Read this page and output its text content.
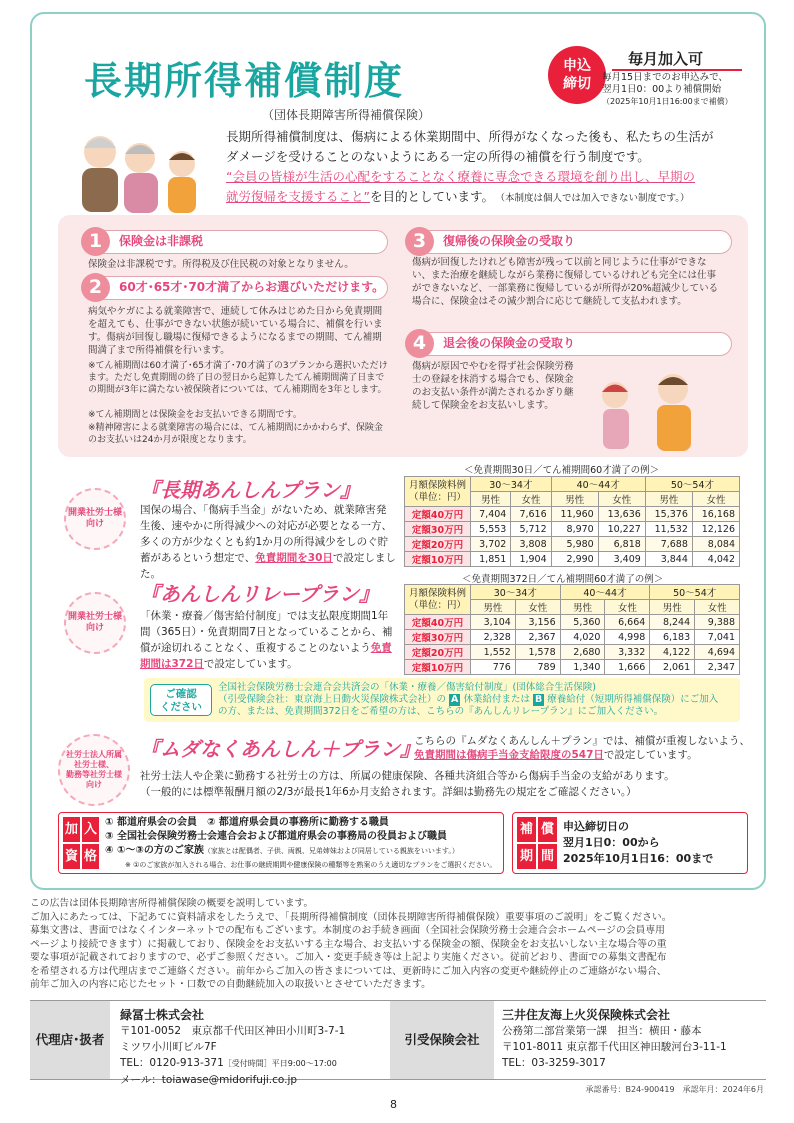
長期所得補償制度
（団体長期障害所得補償保険）
申込
締切
毎月加入可
毎月15日までのお申込みで、
翌月1日0：00より補償開始
（2025年10月1日16:00まで補償）
長期所得補償制度は、傷病による休業期間中、所得がなくなった後も、私たちの生活が
ダメージを受けることのないようにある一定の所得の補償を行う制度です。
“会員の皆様が生活の心配をすることなく療養に専念できる環境を創り出し、早期の
就労復帰を支援すること”を目的としています。　 （本制度は個人では加入できない制度です。）
1	保険金は非課税
保険金は非課税です。所得税及び住民税の対象となりません。
2	60才･65才･70才満了からお選びいただけます。
病気やケガによる就業障害で、連続して休みはじめた日から免責期間を超えても、仕事ができない状態が続いている場合に、補償を行います。傷病が回復し職場に復帰できるようになるまでの期間、てん補期間満了まで所得補償を行います。
※てん補期間は60才満了･65才満了･70才満了の3プランから選択いただけます。ただし免責期間の終了日の翌日から起算したてん補期間満了日までの期間が3年に満たない被保険者については、てん補期間を3年とします。
※てん補期間とは保険金をお支払いできる期間です。
※精神障害による就業障害の場合には、てん補期間にかかわらず、保険金のお支払いは24か月が限度となります。
3	復帰後の保険金の受取り
傷病が回復したけれども障害が残って以前と同じように仕事ができない、また治療を継続しながら業務に復帰しているけれども完全には仕事ができないなど、一部業務に復帰しているが所得が20%超減少している場合に、保険金はその減少割合に応じて継続して支払われます。
4	退会後の保険金の受取り
傷病が原因でやむを得ず社会保険労務士の登録を抹消する場合でも、保険金のお支払い条件が満たされるかぎり継続して保険金をお支払いします。
開業社労士様
向け
『長期あんしんプラン』
国保の場合、「傷病手当金」がないため、就業障害発生後、速やかに所得減少への対応が必要となる一方、多くの方が少なくとも約1か月の所得減少をしのぐ貯蓄があるという想定で、免責期間を30日で設定しました。
＜免責期間30日／てん補期間60才満了の例＞
月額保険料例
（単位：円）	30～34才		40～44才		50～54才	
	男性	女性	男性	女性	男性	女性
定額40万円	7,404	7,616	11,960	13,636	15,376	16,168
定額30万円	5,553	5,712	8,970	10,227	11,532	12,126
定額20万円	3,702	3,808	5,980	6,818	7,688	8,084
定額10万円	1,851	1,904	2,990	3,409	3,844	4,042
開業社労士様
向け
『あんしんリレープラン』
「休業・療養／傷害給付制度」では支払限度期間1年間（365日）・免責期間7日となっていることから、補償が途切れることなく、重複することのないよう免責期間は372日で設定しています。
＜免責期間372日／てん補期間60才満了の例＞
月額保険料例
（単位：円）	30～34才		40～44才		50～54才	
	男性	女性	男性	女性	男性	女性
定額40万円	3,104	3,156	5,360	6,664	8,244	9,388
定額30万円	2,328	2,367	4,020	4,998	6,183	7,041
定額20万円	1,552	1,578	2,680	3,332	4,122	4,694
定額10万円	776	789	1,340	1,666	2,061	2,347
ご確認
ください
全国社会保険労務士会連合会共済会の「休業・療養／傷害給付制度」(団体総合生活保険)
（引受保険会社：東京海上日動火災保険株式会社）の A 休業給付または B 療養給付（短期所得補償保険）にご加入
の方、または、免責期間372日をご希望の方は、こちらの『あんしんリレープラン』にご加入ください。
社労士法人所属
社労士様、
勤務等社労士様
向け
『ムダなくあんしん＋プラン』
こちらの『ムダなくあんしん＋プラン』では、補償が重複しないよう、
免責期間は傷病手当金支給限度の547日で設定しています。
社労士法人や企業に勤務する社労士の方は、所属の健康保険、各種共済組合等から傷病手当金の支給があります。
（一般的には標準報酬月額の2/3が最長1年6か月支給されます。詳細は勤務先の規定をご確認ください。）
加 入
資 格
① 都道府県会の会員　② 都道府県会員の事務所に勤務する職員
③ 全国社会保険労務士会連合会および都道府県会の事務局の役員および職員
④ ①～③の方のご家族（家族とは配偶者、子供、両親、兄弟姉妹および同居している親族をいいます。）
※ ①のご家族が加入される場合、お仕事の継続期間や健康保険の種類等を熟案のうえ適切なプランをご選択ください。
補 償
期 間
申込締切日の
翌月1日0：00から
2025年10月1日16：00まで
この広告は団体長期障害所得補償保険の概要を説明しています。
ご加入にあたっては、下記あてに資料請求をしたうえで、「長期所得補償制度（団体長期障害所得補償保険）重要事項のご説明」をご覧ください。
募集文書は、書面ではなくインターネットでの配布もございます。本制度のお手続き画面（全国社会保険労務士会連合会ホームページの会員専用
ページより接続できます）に掲載しており、保険金をお支払いする主な場合、お支払いする保険金の額、保険金をお支払いしない主な場合等の重
要な事項が記載されておりますので、必ずご参照ください。ご加入・変更手続き等は上記より実施ください。従前どおり、書面での募集文書配布
を希望される方は代理店までご連絡ください。前年からご加入の皆さまについては、更新時にご加入内容の変更や継続停止のご連絡がない場合、
前年ご加入の内容に応じたセット・口数での自動継続加入の取扱いとさせていただきます。
代理店･扱者
緑冨士株式会社
〒101-0052　東京都千代田区神田小川町3-7-1
ミツワ小川町ビル7F
TEL：0120-913-371［受付時間］平日9:00～17:00
メール：toiawase@midorifuji.co.jp
引受保険会社
三井住友海上火災保険株式会社
公務第二部営業第一課　担当：横田・藤本
〒101-8011 東京都千代田区神田駿河台3-11-1
TEL：03-3259-3017
承認番号：B24-900419　承認年月：2024年6月
8
